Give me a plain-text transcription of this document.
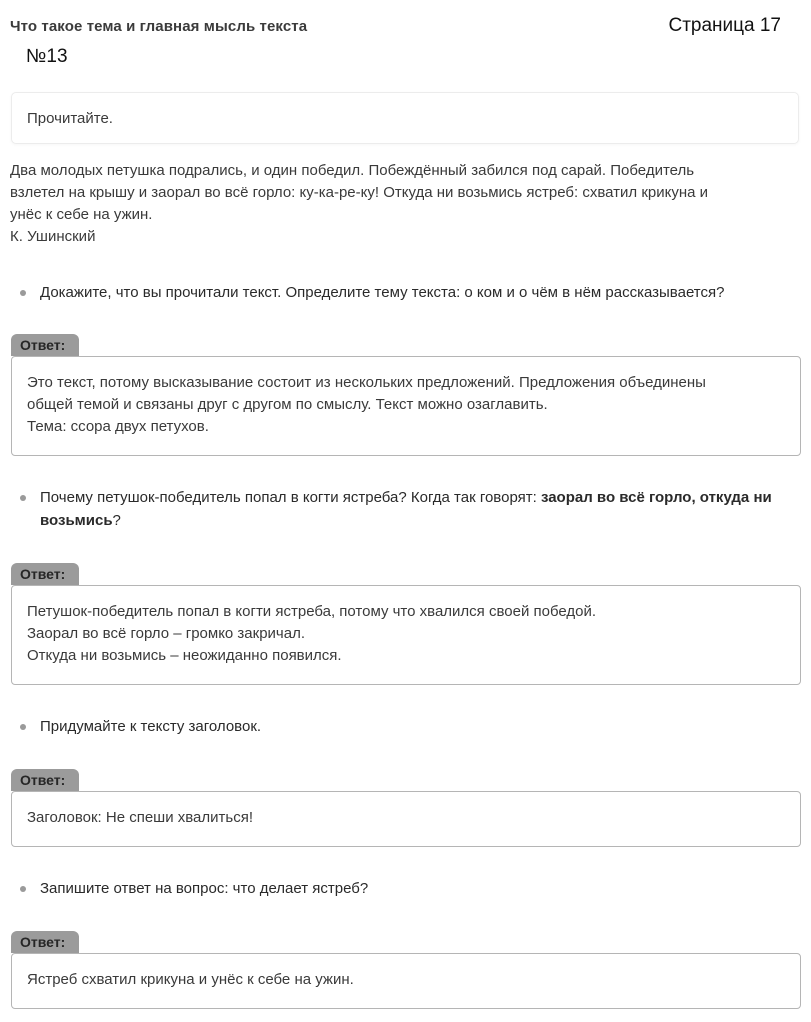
Что такое тема и главная мысль текста	Страница 17
№13
Прочитайте.

Два молодых петушка подрались, и один победил. Побеждённый забился под сарай. Победитель

взлетел на крышу и заорал во всё горло: ку-ка-ре-ку! Откуда ни возьмись ястреб: схватил крикуна и

унёс к себе на ужин.

К. Ушинский

Докажите, что вы прочитали текст. Определите тему текста: о ком и о чём в нём рассказывается?
Ответ:

Это текст, потому высказывание состоит из нескольких предложений. Предложения объединены

общей темой и связаны друг с другом по смыслу. Текст можно озаглавить.

Тема: ссора двух петухов.

Почему петушок-победитель попал в когти ястреба? Когда так говорят: заорал во всё горло, откуда ни возьмись?
Ответ:

Петушок-победитель попал в когти ястреба, потому что хвалился своей победой.

Заорал во всё горло – громко закричал.

Откуда ни возьмись – неожиданно появился.

Придумайте к тексту заголовок.
Ответ:

Заголовок: Не спеши хвалиться!

Запишите ответ на вопрос: что делает ястреб?
Ответ:

Ястреб схватил крикуна и унёс к себе на ужин.
